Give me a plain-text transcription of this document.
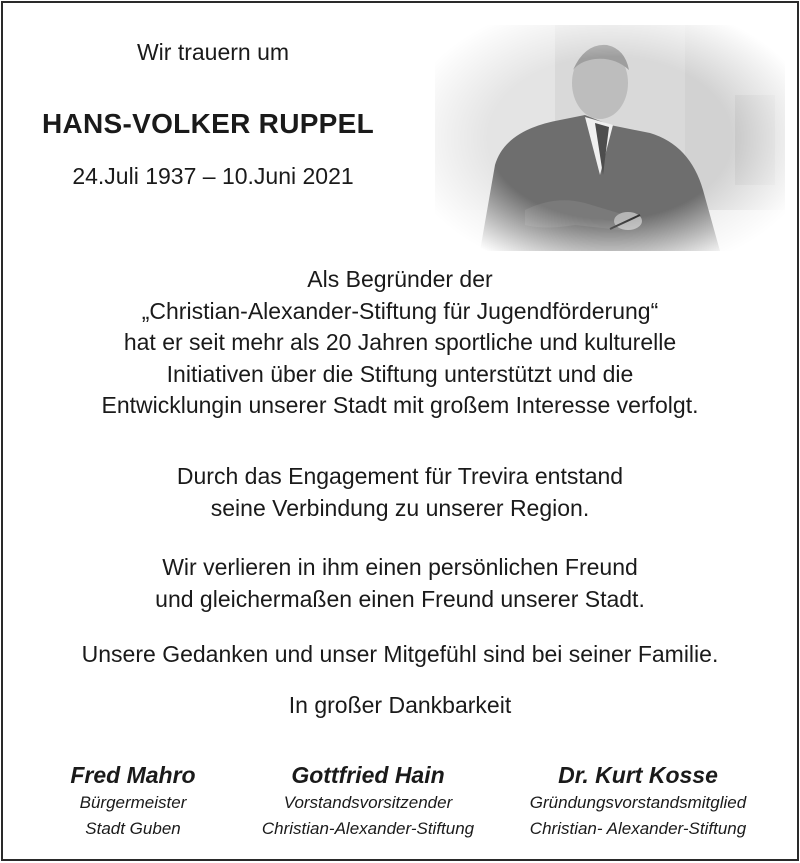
Wir trauern um
HANS-VOLKER RUPPEL
24.Juli 1937 – 10.Juni 2021

Als Begründer der

„Christian-Alexander-Stiftung für Jugendförderung“

hat er seit mehr als 20 Jahren sportliche und kulturelle

Initiativen über die Stiftung unterstützt und die

Entwicklungin unserer Stadt mit großem Interesse verfolgt.

Durch das Engagement für Trevira entstand

seine Verbindung zu unserer Region.

Wir verlieren in ihm einen persönlichen Freund

und gleichermaßen einen Freund unserer Stadt.

Unsere Gedanken und unser Mitgefühl sind bei seiner Familie.

In großer Dankbarkeit
Fred Mahro
Bürgermeister
Stadt Guben
Gottfried Hain
Vorstandsvorsitzender
Christian-Alexander-Stiftung
Dr. Kurt Kosse
Gründungsvorstandsmitglied
Christian- Alexander-Stiftung
